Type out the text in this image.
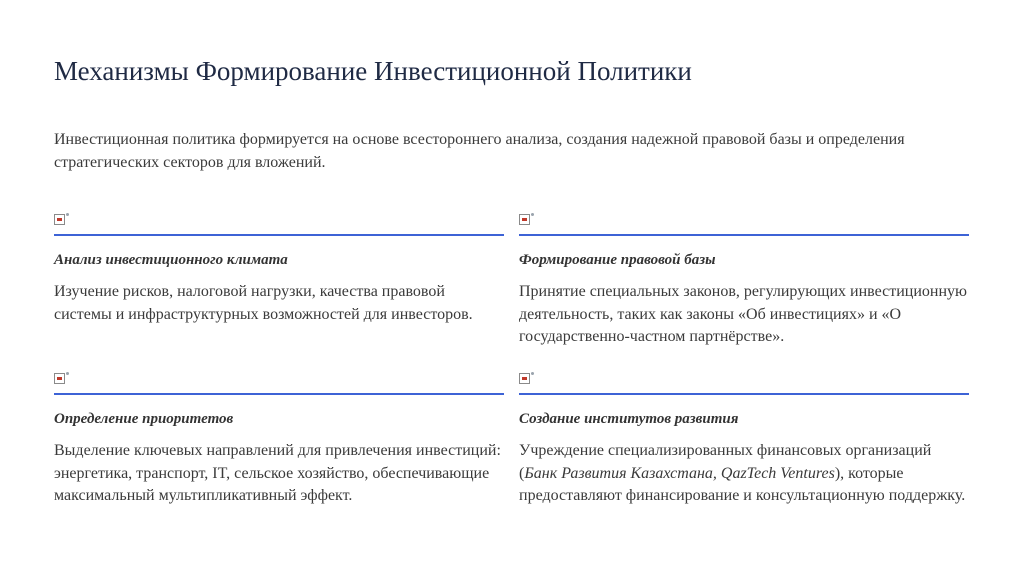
Механизмы Формирование Инвестиционной Политики
Инвестиционная политика формируется на основе всестороннего анализа, создания надежной правовой базы и определения стратегических секторов для вложений.
Анализ инвестиционного климата
Изучение рисков, налоговой нагрузки, качества правовой системы и инфраструктурных возможностей для инвесторов.
Формирование правовой базы
Принятие специальных законов, регулирующих инвестиционную деятельность, таких как законы «Об инвестициях» и «О государственно-частном партнёрстве».
Определение приоритетов
Выделение ключевых направлений для привлечения инвестиций: энергетика, транспорт, IT, сельское хозяйство, обеспечивающие максимальный мультипликативный эффект.
Создание институтов развития
Учреждение специализированных финансовых организаций (Банк Развития Казахстана, QazTech Ventures), которые предоставляют финансирование и консультационную поддержку.
